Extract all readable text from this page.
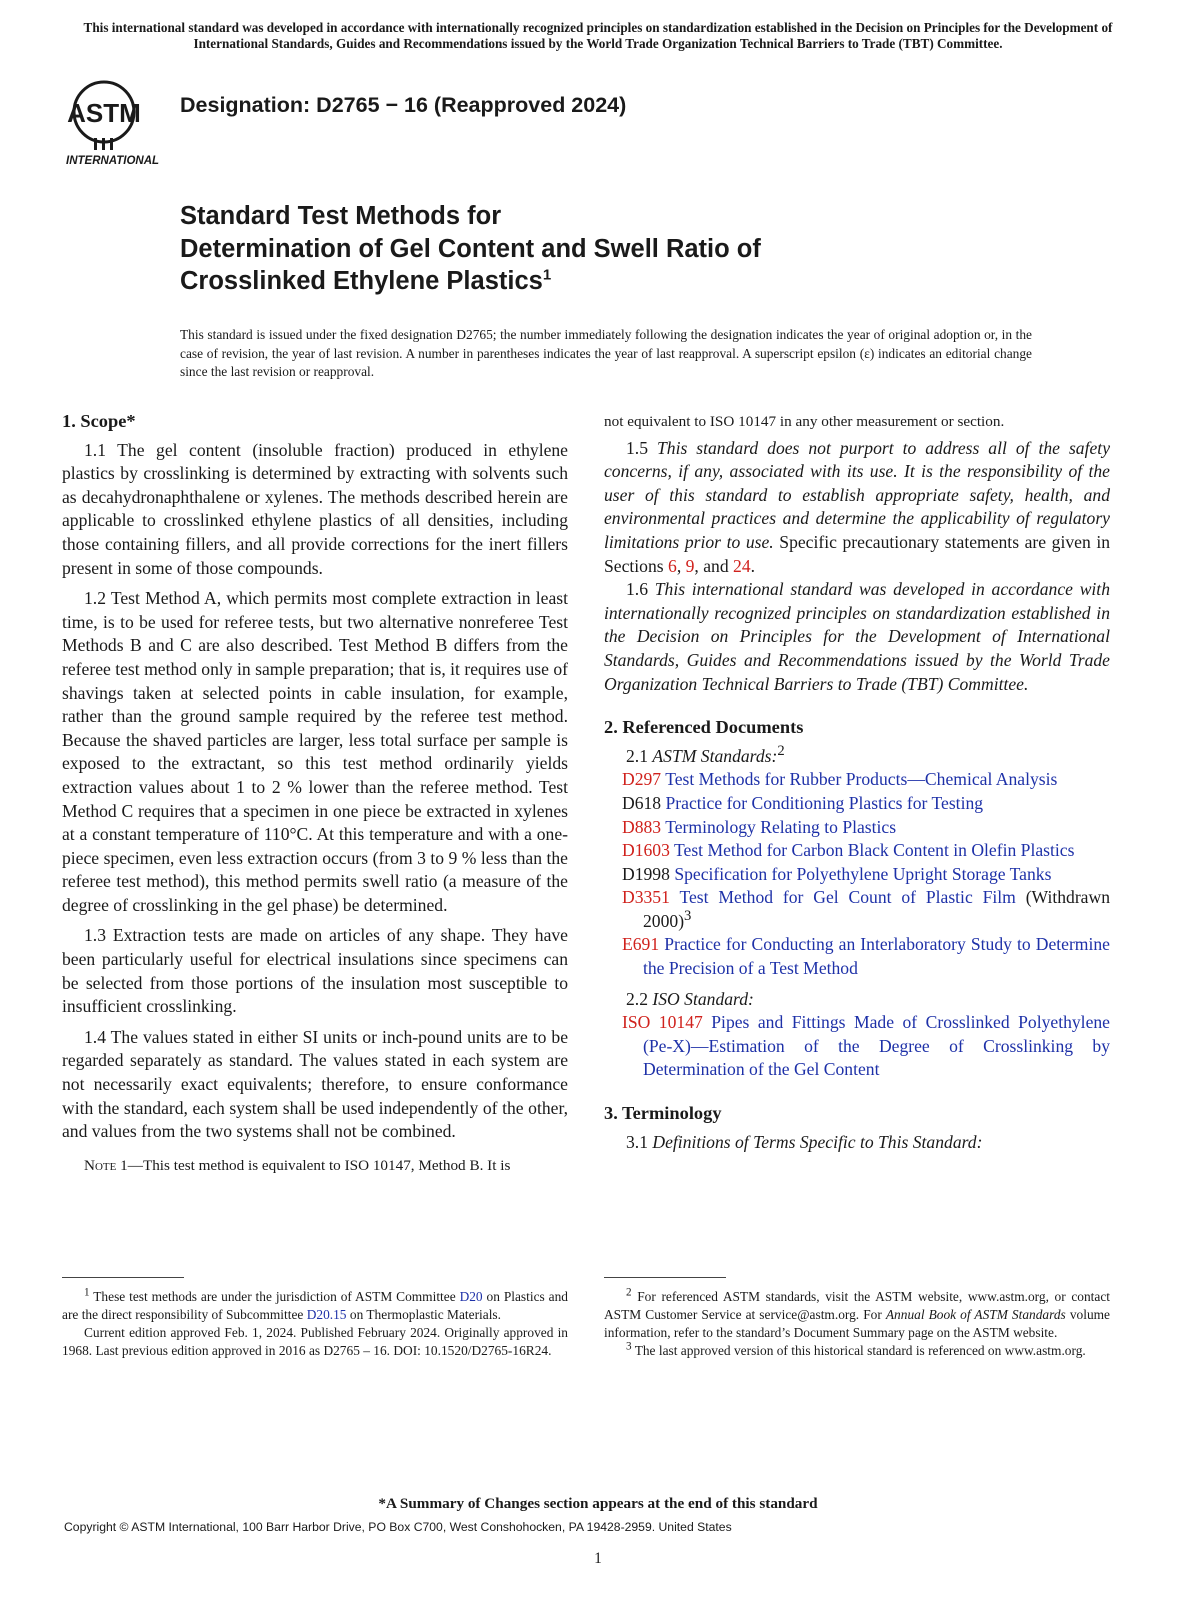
This international standard was developed in accordance with internationally recognized principles on standardization established in the Decision on Principles for the Development of International Standards, Guides and Recommendations issued by the World Trade Organization Technical Barriers to Trade (TBT) Committee.
ASTM
INTERNATIONAL
Designation: D2765 − 16 (Reapproved 2024)
Standard Test Methods for
Determination of Gel Content and Swell Ratio of
Crosslinked Ethylene Plastics$^1$
This standard is issued under the fixed designation D2765; the number immediately following the designation indicates the year of original adoption or, in the case of revision, the year of last revision. A number in parentheses indicates the year of last reapproval. A superscript epsilon (ε) indicates an editorial change since the last revision or reapproval.

1. Scope*

1.1 The gel content (insoluble fraction) produced in ethylene plastics by crosslinking is determined by extracting with solvents such as decahydronaphthalene or xylenes. The methods described herein are applicable to crosslinked ethylene plastics of all densities, including those containing fillers, and all provide corrections for the inert fillers present in some of those compounds.

1.2 Test Method A, which permits most complete extraction in least time, is to be used for referee tests, but two alternative nonreferee Test Methods B and C are also described. Test Method B differs from the referee test method only in sample preparation; that is, it requires use of shavings taken at selected points in cable insulation, for example, rather than the ground sample required by the referee test method. Because the shaved particles are larger, less total surface per sample is exposed to the extractant, so this test method ordinarily yields extraction values about 1 to 2 % lower than the referee method. Test Method C requires that a specimen in one piece be extracted in xylenes at a constant temperature of 110°C. At this temperature and with a one-piece specimen, even less extraction occurs (from 3 to 9 % less than the referee test method), this method permits swell ratio (a measure of the degree of crosslinking in the gel phase) be determined.

1.3 Extraction tests are made on articles of any shape. They have been particularly useful for electrical insulations since specimens can be selected from those portions of the insulation most susceptible to insufficient crosslinking.

1.4 The values stated in either SI units or inch-pound units are to be regarded separately as standard. The values stated in each system are not necessarily exact equivalents; therefore, to ensure conformance with the standard, each system shall be used independently of the other, and values from the two systems shall not be combined.

Note 1—This test method is equivalent to ISO 10147, Method B. It is

$^1$ These test methods are under the jurisdiction of ASTM Committee D20 on Plastics and are the direct responsibility of Subcommittee D20.15 on Thermoplastic Materials.

Current edition approved Feb. 1, 2024. Published February 2024. Originally approved in 1968. Last previous edition approved in 2016 as D2765 – 16. DOI: 10.1520/D2765-16R24.

not equivalent to ISO 10147 in any other measurement or section.

1.5 This standard does not purport to address all of the safety concerns, if any, associated with its use. It is the responsibility of the user of this standard to establish appropriate safety, health, and environmental practices and determine the applicability of regulatory limitations prior to use. Specific precautionary statements are given in Sections 6, 9, and 24.

1.6 This international standard was developed in accordance with internationally recognized principles on standardization established in the Decision on Principles for the Development of International Standards, Guides and Recommendations issued by the World Trade Organization Technical Barriers to Trade (TBT) Committee.

2. Referenced Documents

2.1 ASTM Standards:$^2$

D297 Test Methods for Rubber Products—Chemical Analysis

D618 Practice for Conditioning Plastics for Testing

D883 Terminology Relating to Plastics

D1603 Test Method for Carbon Black Content in Olefin Plastics

D1998 Specification for Polyethylene Upright Storage Tanks

D3351 Test Method for Gel Count of Plastic Film (Withdrawn 2000)$^3$

E691 Practice for Conducting an Interlaboratory Study to Determine the Precision of a Test Method

2.2 ISO Standard:

ISO 10147 Pipes and Fittings Made of Crosslinked Polyethylene (Pe-X)—Estimation of the Degree of Crosslinking by Determination of the Gel Content

3. Terminology

3.1 Definitions of Terms Specific to This Standard:

$^2$ For referenced ASTM standards, visit the ASTM website, www.astm.org, or contact ASTM Customer Service at service@astm.org. For Annual Book of ASTM Standards volume information, refer to the standard’s Document Summary page on the ASTM website.

$^3$ The last approved version of this historical standard is referenced on www.astm.org.

*A Summary of Changes section appears at the end of this standard
Copyright © ASTM International, 100 Barr Harbor Drive, PO Box C700, West Conshohocken, PA 19428-2959. United States
1
